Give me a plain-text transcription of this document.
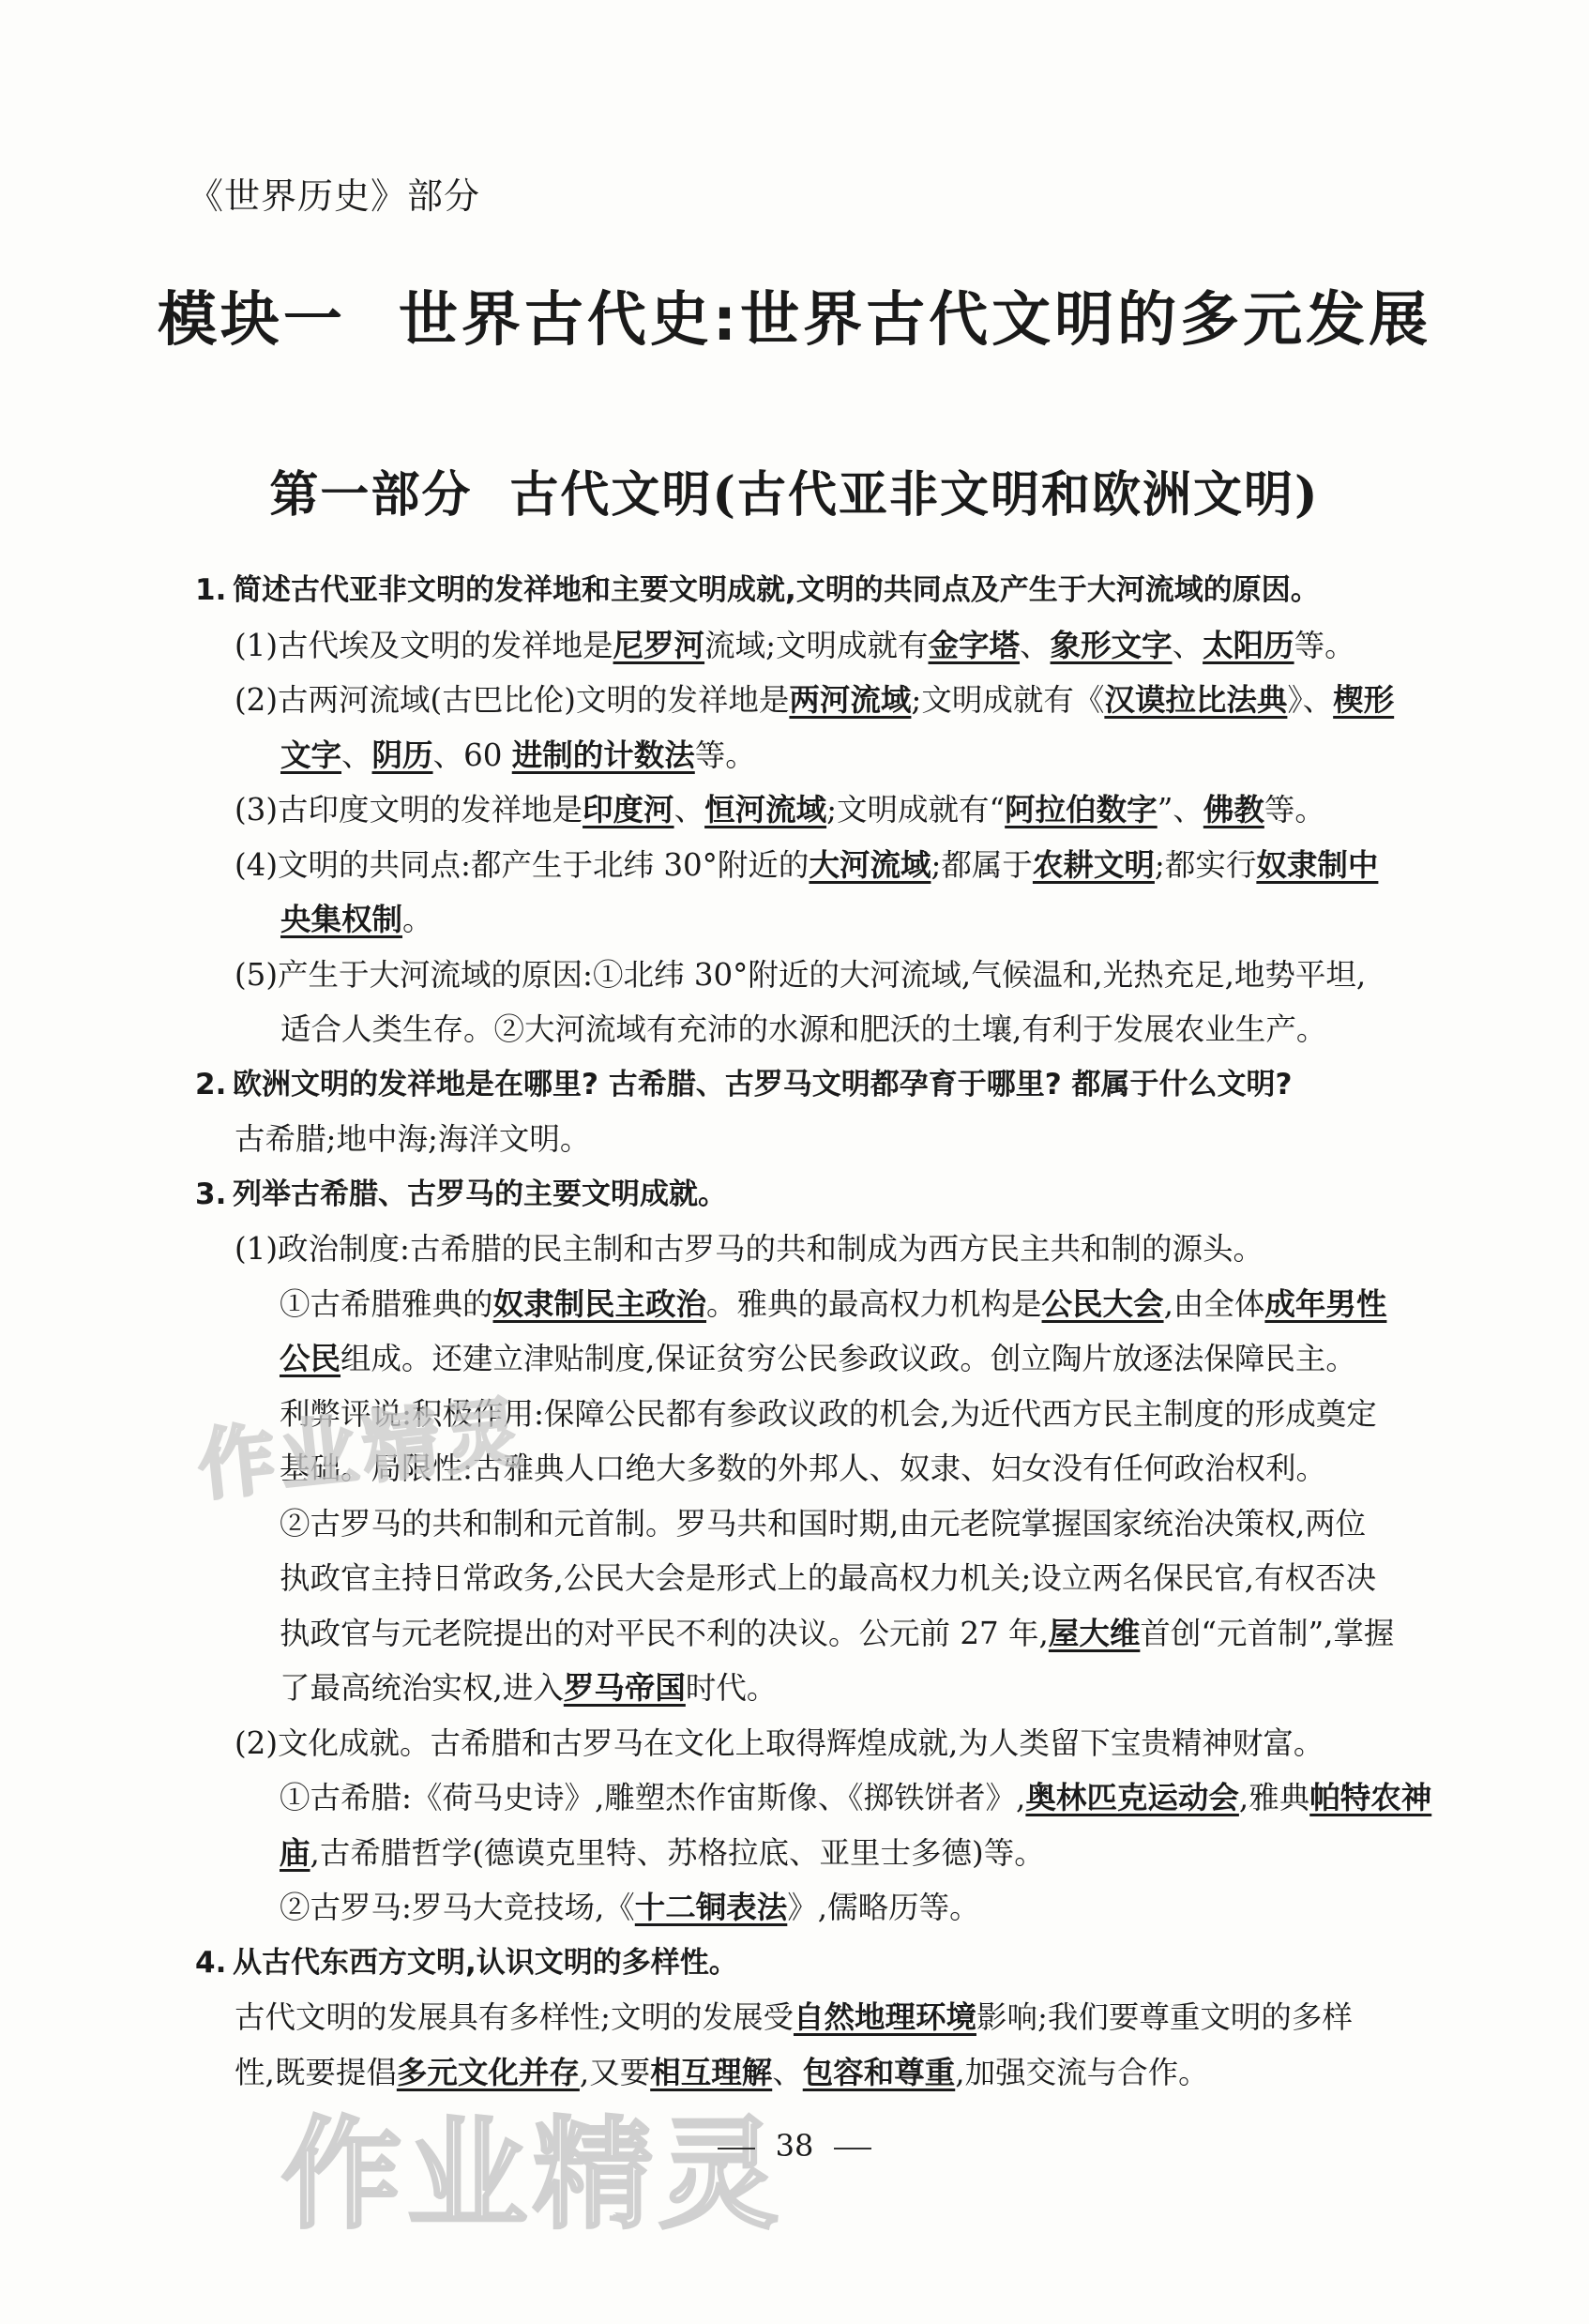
《世界历史》部分
模块一 世界古代史:世界古代文明的多元发展
第一部分 古代文明(古代亚非文明和欧洲文明)
1. 简述古代亚非文明的发祥地和主要文明成就,文明的共同点及产生于大河流域的原因。
(1)古代埃及文明的发祥地是尼罗河流域;文明成就有金字塔、象形文字、太阳历等。
(2)古两河流域(古巴比伦)文明的发祥地是两河流域;文明成就有《汉谟拉比法典》、楔形
文字、阴历、60 进制的计数法等。
(3)古印度文明的发祥地是印度河、恒河流域;文明成就有“阿拉伯数字”、佛教等。
(4)文明的共同点:都产生于北纬 30°附近的大河流域;都属于农耕文明;都实行奴隶制中
央集权制。
(5)产生于大河流域的原因:①北纬 30°附近的大河流域,气候温和,光热充足,地势平坦,
适合人类生存。②大河流域有充沛的水源和肥沃的土壤,有利于发展农业生产。
2. 欧洲文明的发祥地是在哪里? 古希腊、古罗马文明都孕育于哪里? 都属于什么文明?
古希腊;地中海;海洋文明。
3. 列举古希腊、古罗马的主要文明成就。
(1)政治制度:古希腊的民主制和古罗马的共和制成为西方民主共和制的源头。
①古希腊雅典的奴隶制民主政治。雅典的最高权力机构是公民大会,由全体成年男性
公民组成。还建立津贴制度,保证贫穷公民参政议政。创立陶片放逐法保障民主。
利弊评说:积极作用:保障公民都有参政议政的机会,为近代西方民主制度的形成奠定
基础。局限性:古雅典人口绝大多数的外邦人、奴隶、妇女没有任何政治权利。
②古罗马的共和制和元首制。罗马共和国时期,由元老院掌握国家统治决策权,两位
执政官主持日常政务,公民大会是形式上的最高权力机关;设立两名保民官,有权否决
执政官与元老院提出的对平民不利的决议。公元前 27 年,屋大维首创“元首制”,掌握
了最高统治实权,进入罗马帝国时代。
(2)文化成就。古希腊和古罗马在文化上取得辉煌成就,为人类留下宝贵精神财富。
①古希腊:《荷马史诗》,雕塑杰作宙斯像、《掷铁饼者》,奥林匹克运动会,雅典帕特农神
庙,古希腊哲学(德谟克里特、苏格拉底、亚里士多德)等。
②古罗马:罗马大竞技场,《十二铜表法》,儒略历等。
4. 从古代东西方文明,认识文明的多样性。
古代文明的发展具有多样性;文明的发展受自然地理环境影响;我们要尊重文明的多样
性,既要提倡多元文化并存,又要相互理解、包容和尊重,加强交流与合作。
作业精灵
作业精灵
38
